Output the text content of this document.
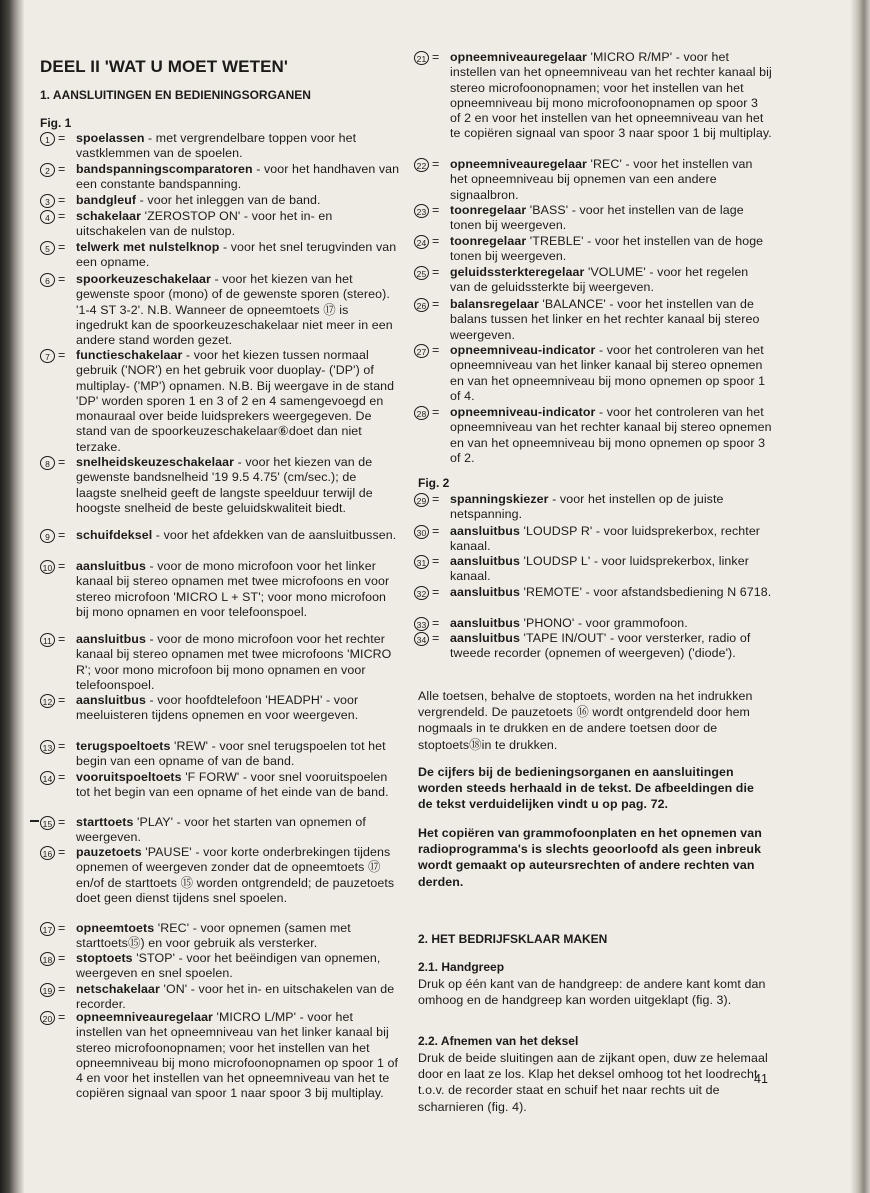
DEEL II 'WAT U MOET WETEN'
1. AANSLUITINGEN EN BEDIENINGSORGANEN
Fig. 1
1 = spoelassen - met vergrendelbare toppen voor het vastklemmen van de spoelen.
2 = bandspanningscomparatoren - voor het handhaven van een constante bandspanning.
3 = bandgleuf - voor het inleggen van de band.
4 = schakelaar 'ZEROSTOP ON' - voor het in- en uitschakelen van de nulstop.
5 = telwerk met nulstelknop - voor het snel terugvinden van een opname.
6 = spoorkeuzeschakelaar - voor het kiezen van het gewenste spoor (mono) of de gewenste sporen (stereo). '1-4 ST 3-2'. N.B. Wanneer de opneemtoets ⑰ is ingedrukt kan de spoorkeuzeschakelaar niet meer in een andere stand worden gezet.
7 = functieschakelaar - voor het kiezen tussen normaal gebruik ('NOR') en het gebruik voor duoplay- ('DP') of multiplay- ('MP') opnamen. N.B. Bij weergave in de stand 'DP' worden sporen 1 en 3 of 2 en 4 samengevoegd en monauraal over beide luidsprekers weergegeven. De stand van de spoorkeuzeschakelaar⑥doet dan niet terzake.
8 = snelheidskeuzeschakelaar - voor het kiezen van de gewenste bandsnelheid '19 9.5 4.75' (cm/sec.); de laagste snelheid geeft de langste speelduur terwijl de hoogste snelheid de beste geluidskwaliteit biedt.
9 = schuifdeksel - voor het afdekken van de aansluitbussen.
10 = aansluitbus - voor de mono microfoon voor het linker kanaal bij stereo opnamen met twee microfoons en voor stereo microfoon 'MICRO L + ST'; voor mono microfoon bij mono opnamen en voor telefoonspoel.
11 = aansluitbus - voor de mono microfoon voor het rechter kanaal bij stereo opnamen met twee microfoons 'MICRO R'; voor mono microfoon bij mono opnamen en voor telefoonspoel.
12 = aansluitbus - voor hoofdtelefoon 'HEADPH' - voor meeluisteren tijdens opnemen en voor weergeven.
13 = terugspoeltoets 'REW' - voor snel terugspoelen tot het begin van een opname of van de band.
14 = vooruitspoeltoets 'F FORW' - voor snel vooruitspoelen tot het begin van een opname of het einde van de band.
15 = starttoets 'PLAY' - voor het starten van opnemen of weergeven.
16 = pauzetoets 'PAUSE' - voor korte onderbrekingen tijdens opnemen of weergeven zonder dat de opneemtoets ⑰ en/of de starttoets ⑮ worden ontgrendeld; de pauzetoets doet geen dienst tijdens snel spoelen.
17 = opneemtoets 'REC' - voor opnemen (samen met starttoets⑮) en voor gebruik als versterker.
18 = stoptoets 'STOP' - voor het beëindigen van opnemen, weergeven en snel spoelen.
19 = netschakelaar 'ON' - voor het in- en uitschakelen van de recorder.
20 = opneemniveauregelaar 'MICRO L/MP' - voor het instellen van het opneemniveau van het linker kanaal bij stereo microfoonopnamen; voor het instellen van het opneemniveau bij mono microfoonopnamen op spoor 1 of 4 en voor het instellen van het opneemniveau van het te copiëren signaal van spoor 1 naar spoor 3 bij multiplay.
21 = opneemniveauregelaar 'MICRO R/MP' - voor het instellen van het opneemniveau van het rechter kanaal bij stereo microfoonopnamen; voor het instellen van het opneemniveau bij mono microfoonopnamen op spoor 3 of 2 en voor het instellen van het opneemniveau van het te copiëren signaal van spoor 3 naar spoor 1 bij multiplay.
22 = opneemniveauregelaar 'REC' - voor het instellen van het opneemniveau bij opnemen van een andere signaalbron.
23 = toonregelaar 'BASS' - voor het instellen van de lage tonen bij weergeven.
24 = toonregelaar 'TREBLE' - voor het instellen van de hoge tonen bij weergeven.
25 = geluidssterkteregelaar 'VOLUME' - voor het regelen van de geluidssterkte bij weergeven.
26 = balansregelaar 'BALANCE' - voor het instellen van de balans tussen het linker en het rechter kanaal bij stereo weergeven.
27 = opneemniveau-indicator - voor het controleren van het opneemniveau van het linker kanaal bij stereo opnemen en van het opneemniveau bij mono opnemen op spoor 1 of 4.
28 = opneemniveau-indicator - voor het controleren van het opneemniveau van het rechter kanaal bij stereo opnemen en van het opneemniveau bij mono opnemen op spoor 3 of 2.
Fig. 2
29 = spanningskiezer - voor het instellen op de juiste netspanning.
30 = aansluitbus 'LOUDSP R' - voor luidsprekerbox, rechter kanaal.
31 = aansluitbus 'LOUDSP L' - voor luidsprekerbox, linker kanaal.
32 = aansluitbus 'REMOTE' - voor afstandsbediening N 6718.
33 = aansluitbus 'PHONO' - voor grammofoon.
34 = aansluitbus 'TAPE IN/OUT' - voor versterker, radio of tweede recorder (opnemen of weergeven) ('diode').

Alle toetsen, behalve de stoptoets, worden na het indrukken vergrendeld. De pauzetoets ⑯ wordt ontgrendeld door hem nogmaals in te drukken en de andere toetsen door de stoptoets⑱in te drukken.

De cijfers bij de bedieningsorganen en aansluitingen worden steeds herhaald in de tekst. De afbeeldingen die de tekst verduidelijken vindt u op pag. 72.

Het copiëren van grammofoonplaten en het opnemen van radioprogramma's is slechts geoorloofd als geen inbreuk wordt gemaakt op auteursrechten of andere rechten van derden.

2. HET BEDRIJFSKLAAR MAKEN
2.1. Handgreep

Druk op één kant van de handgreep: de andere kant komt dan omhoog en de handgreep kan worden uitgeklapt (fig. 3).

2.2. Afnemen van het deksel

Druk de beide sluitingen aan de zijkant open, duw ze helemaal door en laat ze los. Klap het deksel omhoog tot het loodrecht t.o.v. de recorder staat en schuif het naar rechts uit de scharnieren (fig. 4).

41
